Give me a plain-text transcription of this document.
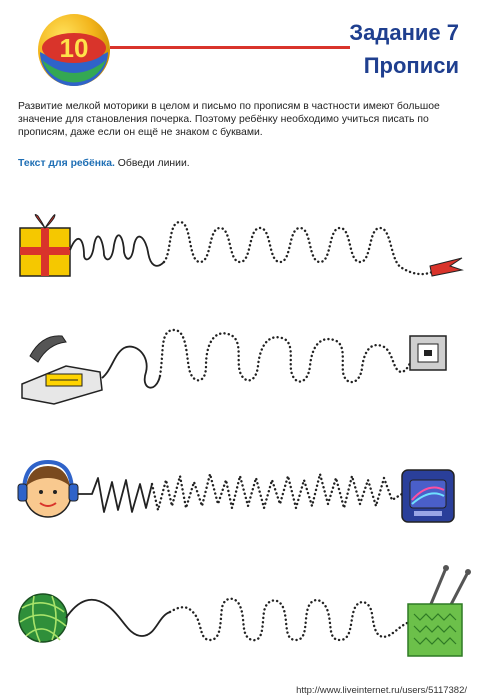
10
Задание 7
Прописи

Развитие мелкой моторики в целом и письмо по прописям в частности имеют большое значение для становления почерка. Поэтому ребёнку необходимо учиться писать по прописям, даже если он ещё не знаком с буквами.

Текст для ребёнка. Обведи линии.

http://www.liveinternet.ru/users/5117382/
